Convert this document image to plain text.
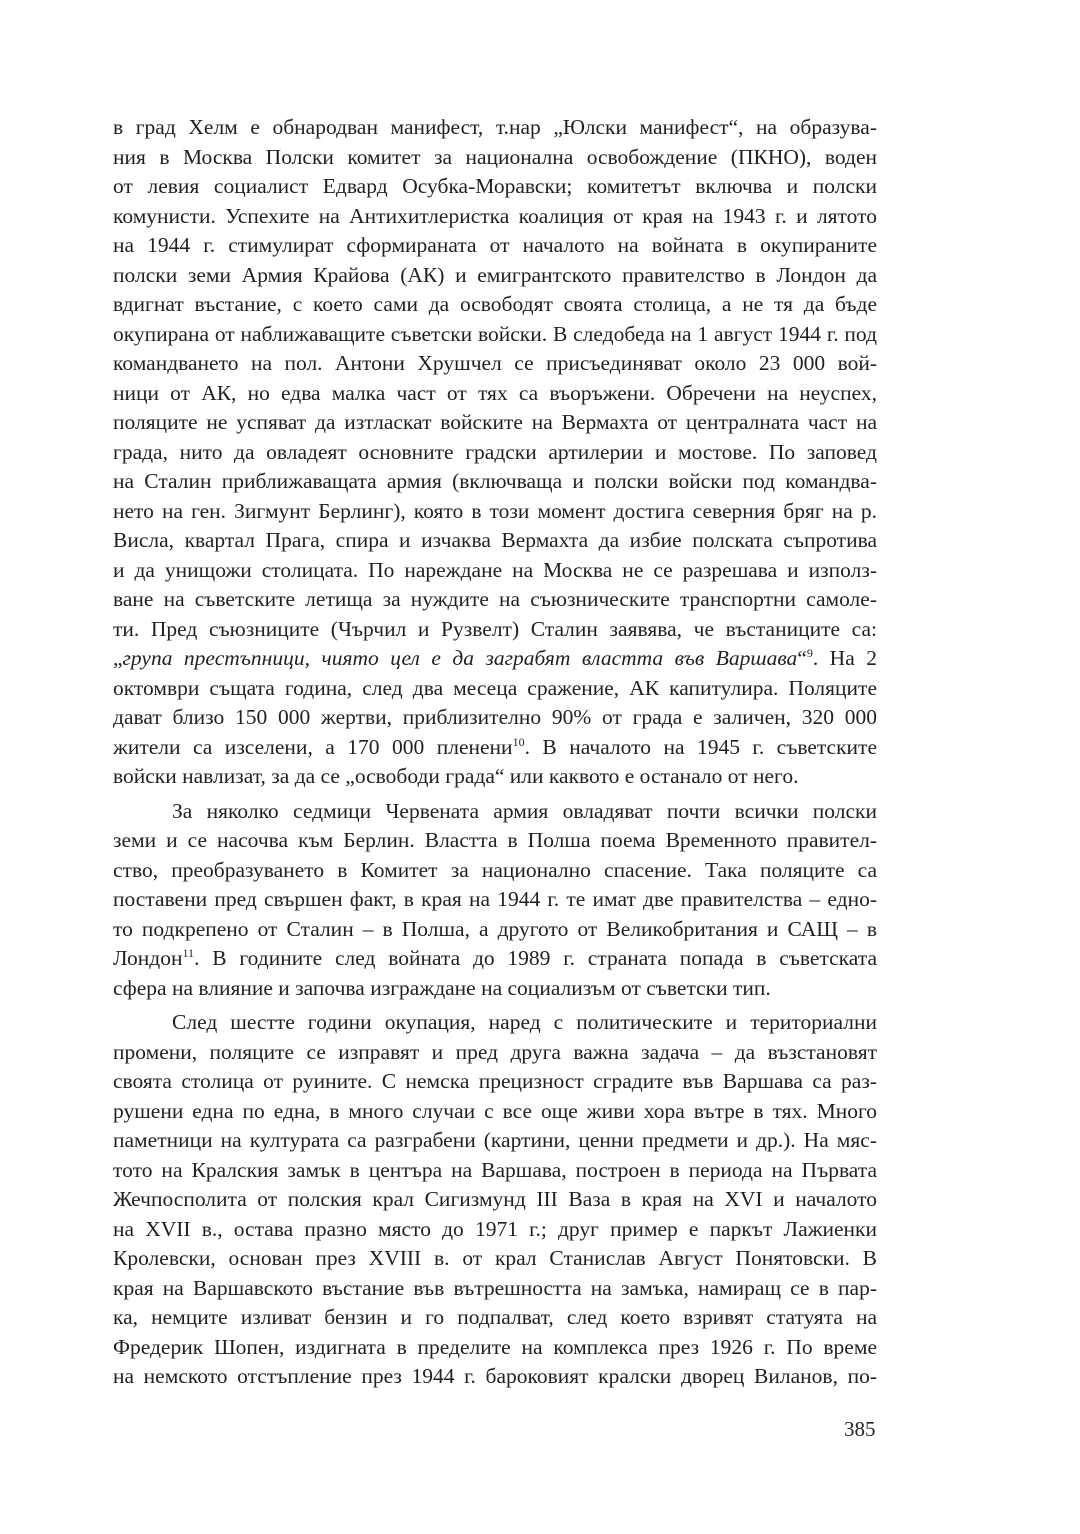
в град Хелм е обнародван манифест, т.нар „Юлски манифест“, на образува-
ния в Москва Полски комитет за национална освобождение (ПКНО), воден
от левия социалист Едвард Осубка-Моравски; комитетът включва и полски
комунисти. Успехите на Антихитлеристка коалиция от края на 1943 г. и лятото
на 1944 г. стимулират сформираната от началото на войната в окупираните
полски земи Армия Крайова (АК) и емигрантското правителство в Лондон да
вдигнат въстание, с което сами да освободят своята столица, а не тя да бъде
окупирана от наближаващите съветски войски. В следобеда на 1 август 1944 г. под
командването на пол. Антони Хрушчел се присъединяват около 23 000 вой-
ници от АК, но едва малка част от тях са въоръжени. Обречени на неуспех,
поляците не успяват да изтласкат войските на Вермахта от централната част на
града, нито да овладеят основните градски артилерии и мостове. По заповед
на Сталин приближаващата армия (включваща и полски войски под командва-
нето на ген. Зигмунт Берлинг), която в този момент достига северния бряг на р.
Висла, квартал Прага, спира и изчаква Вермахта да избие полската съпротива
и да унищожи столицата. По нареждане на Москва не се разрешава и използ-
ване на съветските летища за нуждите на съюзническите транспортни самоле-
ти. Пред съюзниците (Чърчил и Рузвелт) Сталин заявява, че въстаниците са:
„група престъпници, чиято цел е да заграбят властта във Варшава“$^9$. На 2
октомври същата година, след два месеца сражение, АК капитулира. Поляците
дават близо 150 000 жертви, приблизително 90% от града е заличен, 320 000
жители са изселени, а 170 000 пленени$^{10}$. В началото на 1945 г. съветските
войски навлизат, за да се „освободи града“ или каквото е останало от него.
За няколко седмици Червената армия овладяват почти всички полски
земи и се насочва към Берлин. Властта в Полша поема Временното правител-
ство, преобразуването в Комитет за национално спасение. Така поляците са
поставени пред свършен факт, в края на 1944 г. те имат две правителства – едно-
то подкрепено от Сталин – в Полша, а другото от Великобритания и САЩ – в
Лондон$^{11}$. В годините след войната до 1989 г. страната попада в съветската
сфера на влияние и започва изграждане на социализъм от съветски тип.
След шестте години окупация, наред с политическите и териториални
промени, поляците се изправят и пред друга важна задача – да възстановят
своята столица от руините. С немска прецизност сградите във Варшава са раз-
рушени една по една, в много случаи с все още живи хора вътре в тях. Много
паметници на културата са разграбени (картини, ценни предмети и др.). На мяс-
тото на Кралския замък в центъра на Варшава, построен в периода на Първата
Жечпосполита от полския крал Сигизмунд III Ваза в края на XVI и началото
на XVII в., остава празно място до 1971 г.; друг пример е паркът Лажиенки
Кролевски, основан през XVIII в. от крал Станислав Август Понятовски. В
края на Варшавското въстание във вътрешността на замъка, намиращ се в пар-
ка, немците изливат бензин и го подпалват, след което взривят статуята на
Фредерик Шопен, издигната в пределите на комплекса през 1926 г. По време
на немското отстъпление през 1944 г. бароковият кралски дворец Виланов, по-
385
